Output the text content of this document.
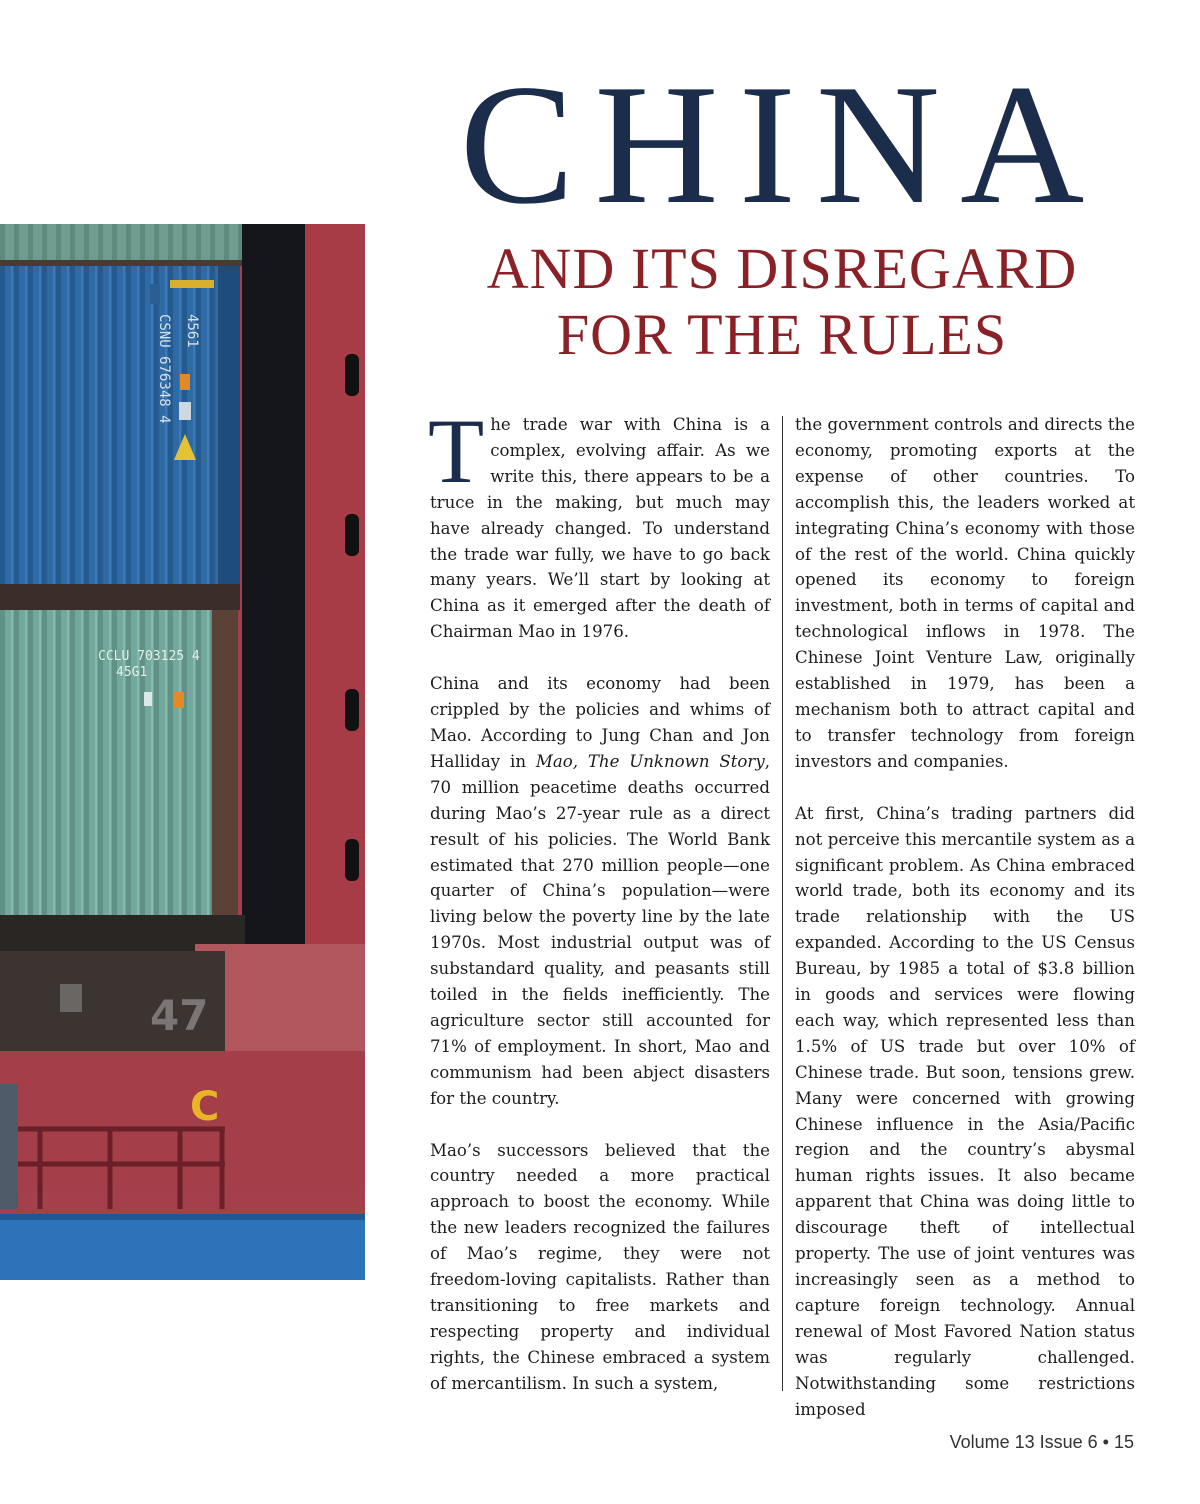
CSNU 676348 4 4561
CCLU 703125 4
45G1
47
C
CHINA
AND ITS DISREGARD FOR THE RULES

The trade war with China is a complex, evolving affair. As we write this, there appears to be a truce in the making, but much may have already changed. To understand the trade war fully, we have to go back many years. We’ll start by looking at China as it emerged after the death of Chairman Mao in 1976.

China and its economy had been crippled by the policies and whims of Mao. According to Jung Chan and Jon Halliday in Mao, The Unknown Story, 70 million peacetime deaths occurred during Mao’s 27-year rule as a direct result of his policies. The World Bank estimated that 270 million people—one quarter of China’s population—were living below the poverty line by the late 1970s. Most industrial output was of substandard quality, and peasants still toiled in the fields inefficiently. The agriculture sector still accounted for 71% of employment. In short, Mao and communism had been abject disasters for the country.

Mao’s successors believed that the country needed a more practical approach to boost the economy. While the new leaders recognized the failures of Mao’s regime, they were not freedom-loving capitalists. Rather than transitioning to free markets and respecting property and individual rights, the Chinese embraced a system of mercantilism. In such a system,

the government controls and directs the economy, promoting exports at the expense of other countries. To accomplish this, the leaders worked at integrating China’s economy with those of the rest of the world. China quickly opened its economy to foreign investment, both in terms of capital and technological inflows in 1978. The Chinese Joint Venture Law, originally established in 1979, has been a mechanism both to attract capital and to transfer technology from foreign investors and companies.

At first, China’s trading partners did not perceive this mercantile system as a significant problem. As China embraced world trade, both its economy and its trade relationship with the US expanded. According to the US Census Bureau, by 1985 a total of $3.8 billion in goods and services were flowing each way, which represented less than 1.5% of US trade but over 10% of Chinese trade. But soon, tensions grew. Many were concerned with growing Chinese influence in the Asia/Pacific region and the country’s abysmal human rights issues. It also became apparent that China was doing little to discourage theft of intellectual property. The use of joint ventures was increasingly seen as a method to capture foreign technology. Annual renewal of Most Favored Nation status was regularly challenged. Notwithstanding some restrictions imposed

Volume 13 Issue 6 • 15
